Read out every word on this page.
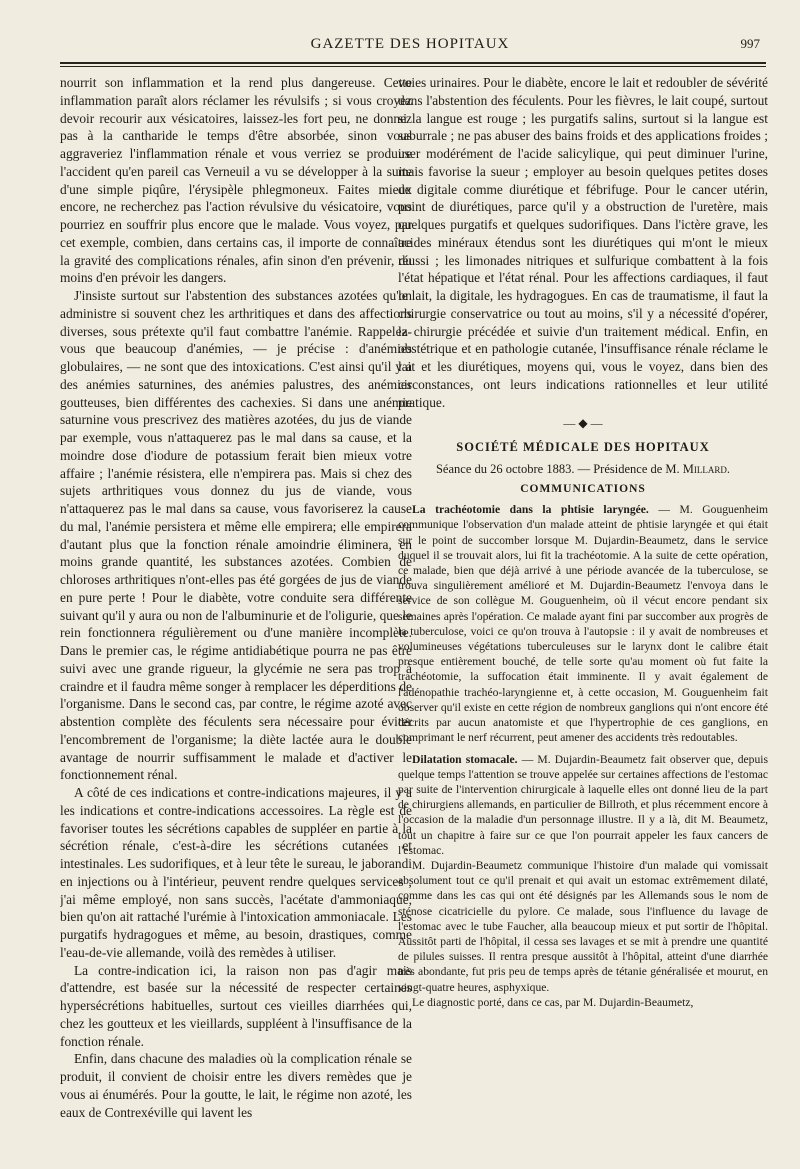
GAZETTE DES HOPITAUX	997

nourrit son inflammation et la rend plus dangereuse. Cette inflammation paraît alors réclamer les révulsifs ; si vous croyez devoir recourir aux vésicatoires, laissez-les fort peu, ne donnez pas à la cantharide le temps d'être absorbée, sinon vous aggraveriez l'inflammation rénale et vous verriez se produire l'accident qu'en pareil cas Verneuil a vu se développer à la suite d'une simple piqûre, l'érysipèle phlegmoneux. Faites mieux encore, ne recherchez pas l'action révulsive du vésicatoire, vous pourriez en souffrir plus encore que le malade. Vous voyez, par cet exemple, combien, dans certains cas, il importe de connaître la gravité des complications rénales, afin sinon d'en prévenir, du moins d'en prévoir les dangers.

J'insiste surtout sur l'abstention des substances azotées qu'on administre si souvent chez les arthritiques et dans des affections diverses, sous prétexte qu'il faut combattre l'anémie. Rappelez-vous que beaucoup d'anémies, — je précise : d'anémies globulaires, — ne sont que des intoxications. C'est ainsi qu'il y a des anémies saturnines, des anémies palustres, des anémies goutteuses, bien différentes des cachexies. Si dans une anémie saturnine vous prescrivez des matières azotées, du jus de viande par exemple, vous n'attaquerez pas le mal dans sa cause, et la moindre dose d'iodure de potassium ferait bien mieux votre affaire ; l'anémie résistera, elle n'empirera pas. Mais si chez des sujets arthritiques vous donnez du jus de viande, vous n'attaquerez pas le mal dans sa cause, vous favoriserez la cause du mal, l'anémie persistera et même elle empirera; elle empirera d'autant plus que la fonction rénale amoindrie éliminera, en moins grande quantité, les substances azotées. Combien de chloroses arthritiques n'ont-elles pas été gorgées de jus de viande en pure perte ! Pour le diabète, votre conduite sera différente suivant qu'il y aura ou non de l'albuminurie et de l'oligurie, que le rein fonctionnera régulièrement ou d'une manière incomplète. Dans le premier cas, le régime antidiabétique pourra ne pas être suivi avec une grande rigueur, la glycémie ne sera pas trop à craindre et il faudra même songer à remplacer les déperditions de l'organisme. Dans le second cas, par contre, le régime azoté avec abstention complète des féculents sera nécessaire pour éviter l'encombrement de l'organisme; la diète lactée aura le double avantage de nourrir suffisamment le malade et d'activer le fonctionnement rénal.

A côté de ces indications et contre-indications majeures, il y a les indications et contre-indications accessoires. La règle est de favoriser toutes les sécrétions capables de suppléer en partie à la sécrétion rénale, c'est-à-dire les sécrétions cutanées et intestinales. Les sudorifiques, et à leur tête le sureau, le jaborandi en injections ou à l'intérieur, peuvent rendre quelques services ; j'ai même employé, non sans succès, l'acétate d'ammoniaque, bien qu'on ait rattaché l'urémie à l'intoxication ammoniacale. Les purgatifs hydragogues et même, au besoin, drastiques, comme l'eau-de-vie allemande, voilà des remèdes à utiliser.

La contre-indication ici, la raison non pas d'agir mais d'attendre, est basée sur la nécessité de respecter certaines hypersécrétions habituelles, surtout ces vieilles diarrhées qui, chez les goutteux et les vieillards, suppléent à l'insuffisance de la fonction rénale.

Enfin, dans chacune des maladies où la complication rénale se produit, il convient de choisir entre les divers remèdes que je vous ai énumérés. Pour la goutte, le lait, le régime non azoté, les eaux de Contrexéville qui lavent les

voies urinaires. Pour le diabète, encore le lait et redoubler de sévérité dans l'abstention des féculents. Pour les fièvres, le lait coupé, surtout si la langue est rouge ; les purgatifs salins, surtout si la langue est saburrale ; ne pas abuser des bains froids et des applications froides ; user modérément de l'acide salicylique, qui peut diminuer l'urine, mais favorise la sueur ; employer au besoin quelques petites doses de digitale comme diurétique et fébrifuge. Pour le cancer utérin, point de diurétiques, parce qu'il y a obstruction de l'uretère, mais quelques purgatifs et quelques sudorifiques. Dans l'ictère grave, les acides minéraux étendus sont les diurétiques qui m'ont le mieux réussi ; les limonades nitriques et sulfurique combattent à la fois l'état hépatique et l'état rénal. Pour les affections cardiaques, il faut le lait, la digitale, les hydragogues. En cas de traumatisme, il faut la chirurgie conservatrice ou tout au moins, s'il y a nécessité d'opérer, la chirurgie précédée et suivie d'un traitement médical. Enfin, en obstétrique et en pathologie cutanée, l'insuffisance rénale réclame le lait et les diurétiques, moyens qui, vous le voyez, dans bien des circonstances, ont leurs indications rationnelles et leur utilité pratique.

— ◆ —
SOCIÉTÉ MÉDICALE DES HOPITAUX
Séance du 26 octobre 1883. — Présidence de M. Millard.
COMMUNICATIONS

La trachéotomie dans la phtisie laryngée. — M. Gouguenheim communique l'observation d'un malade atteint de phtisie laryngée et qui était sur le point de succomber lorsque M. Dujardin-Beaumetz, dans le service duquel il se trouvait alors, lui fit la trachéotomie. A la suite de cette opération, ce malade, bien que déjà arrivé à une période avancée de la tuberculose, se trouva singulièrement amélioré et M. Dujardin-Beaumetz l'envoya dans le service de son collègue M. Gouguenheim, où il vécut encore pendant six semaines après l'opération. Ce malade ayant fini par succomber aux progrès de la tuberculose, voici ce qu'on trouva à l'autopsie : il y avait de nombreuses et volumineuses végétations tuberculeuses sur le larynx dont le calibre était presque entièrement bouché, de telle sorte qu'au moment où fut faite la trachéotomie, la suffocation était imminente. Il y avait également de l'adénopathie trachéo-laryngienne et, à cette occasion, M. Gouguenheim fait observer qu'il existe en cette région de nombreux ganglions qui n'ont encore été décrits par aucun anatomiste et que l'hypertrophie de ces ganglions, en comprimant le nerf récurrent, peut amener des accidents très redoutables.

Dilatation stomacale. — M. Dujardin-Beaumetz fait observer que, depuis quelque temps l'attention se trouve appelée sur certaines affections de l'estomac par suite de l'intervention chirurgicale à laquelle elles ont donné lieu de la part de chirurgiens allemands, en particulier de Billroth, et plus récemment encore à l'occasion de la maladie d'un personnage illustre. Il y a là, dit M. Beaumetz, tout un chapitre à faire sur ce que l'on pourrait appeler les faux cancers de l'estomac.

M. Dujardin-Beaumetz communique l'histoire d'un malade qui vomissait absolument tout ce qu'il prenait et qui avait un estomac extrêmement dilaté, comme dans les cas qui ont été désignés par les Allemands sous le nom de sténose cicatricielle du pylore. Ce malade, sous l'influence du lavage de l'estomac avec le tube Faucher, alla beaucoup mieux et put sortir de l'hôpital. Aussitôt parti de l'hôpital, il cessa ses lavages et se mit à prendre une quantité de pilules suisses. Il rentra presque aussitôt à l'hôpital, atteint d'une diarrhée très abondante, fut pris peu de temps après de tétanie généralisée et mourut, en vingt-quatre heures, asphyxique.

Le diagnostic porté, dans ce cas, par M. Dujardin-Beaumetz,
